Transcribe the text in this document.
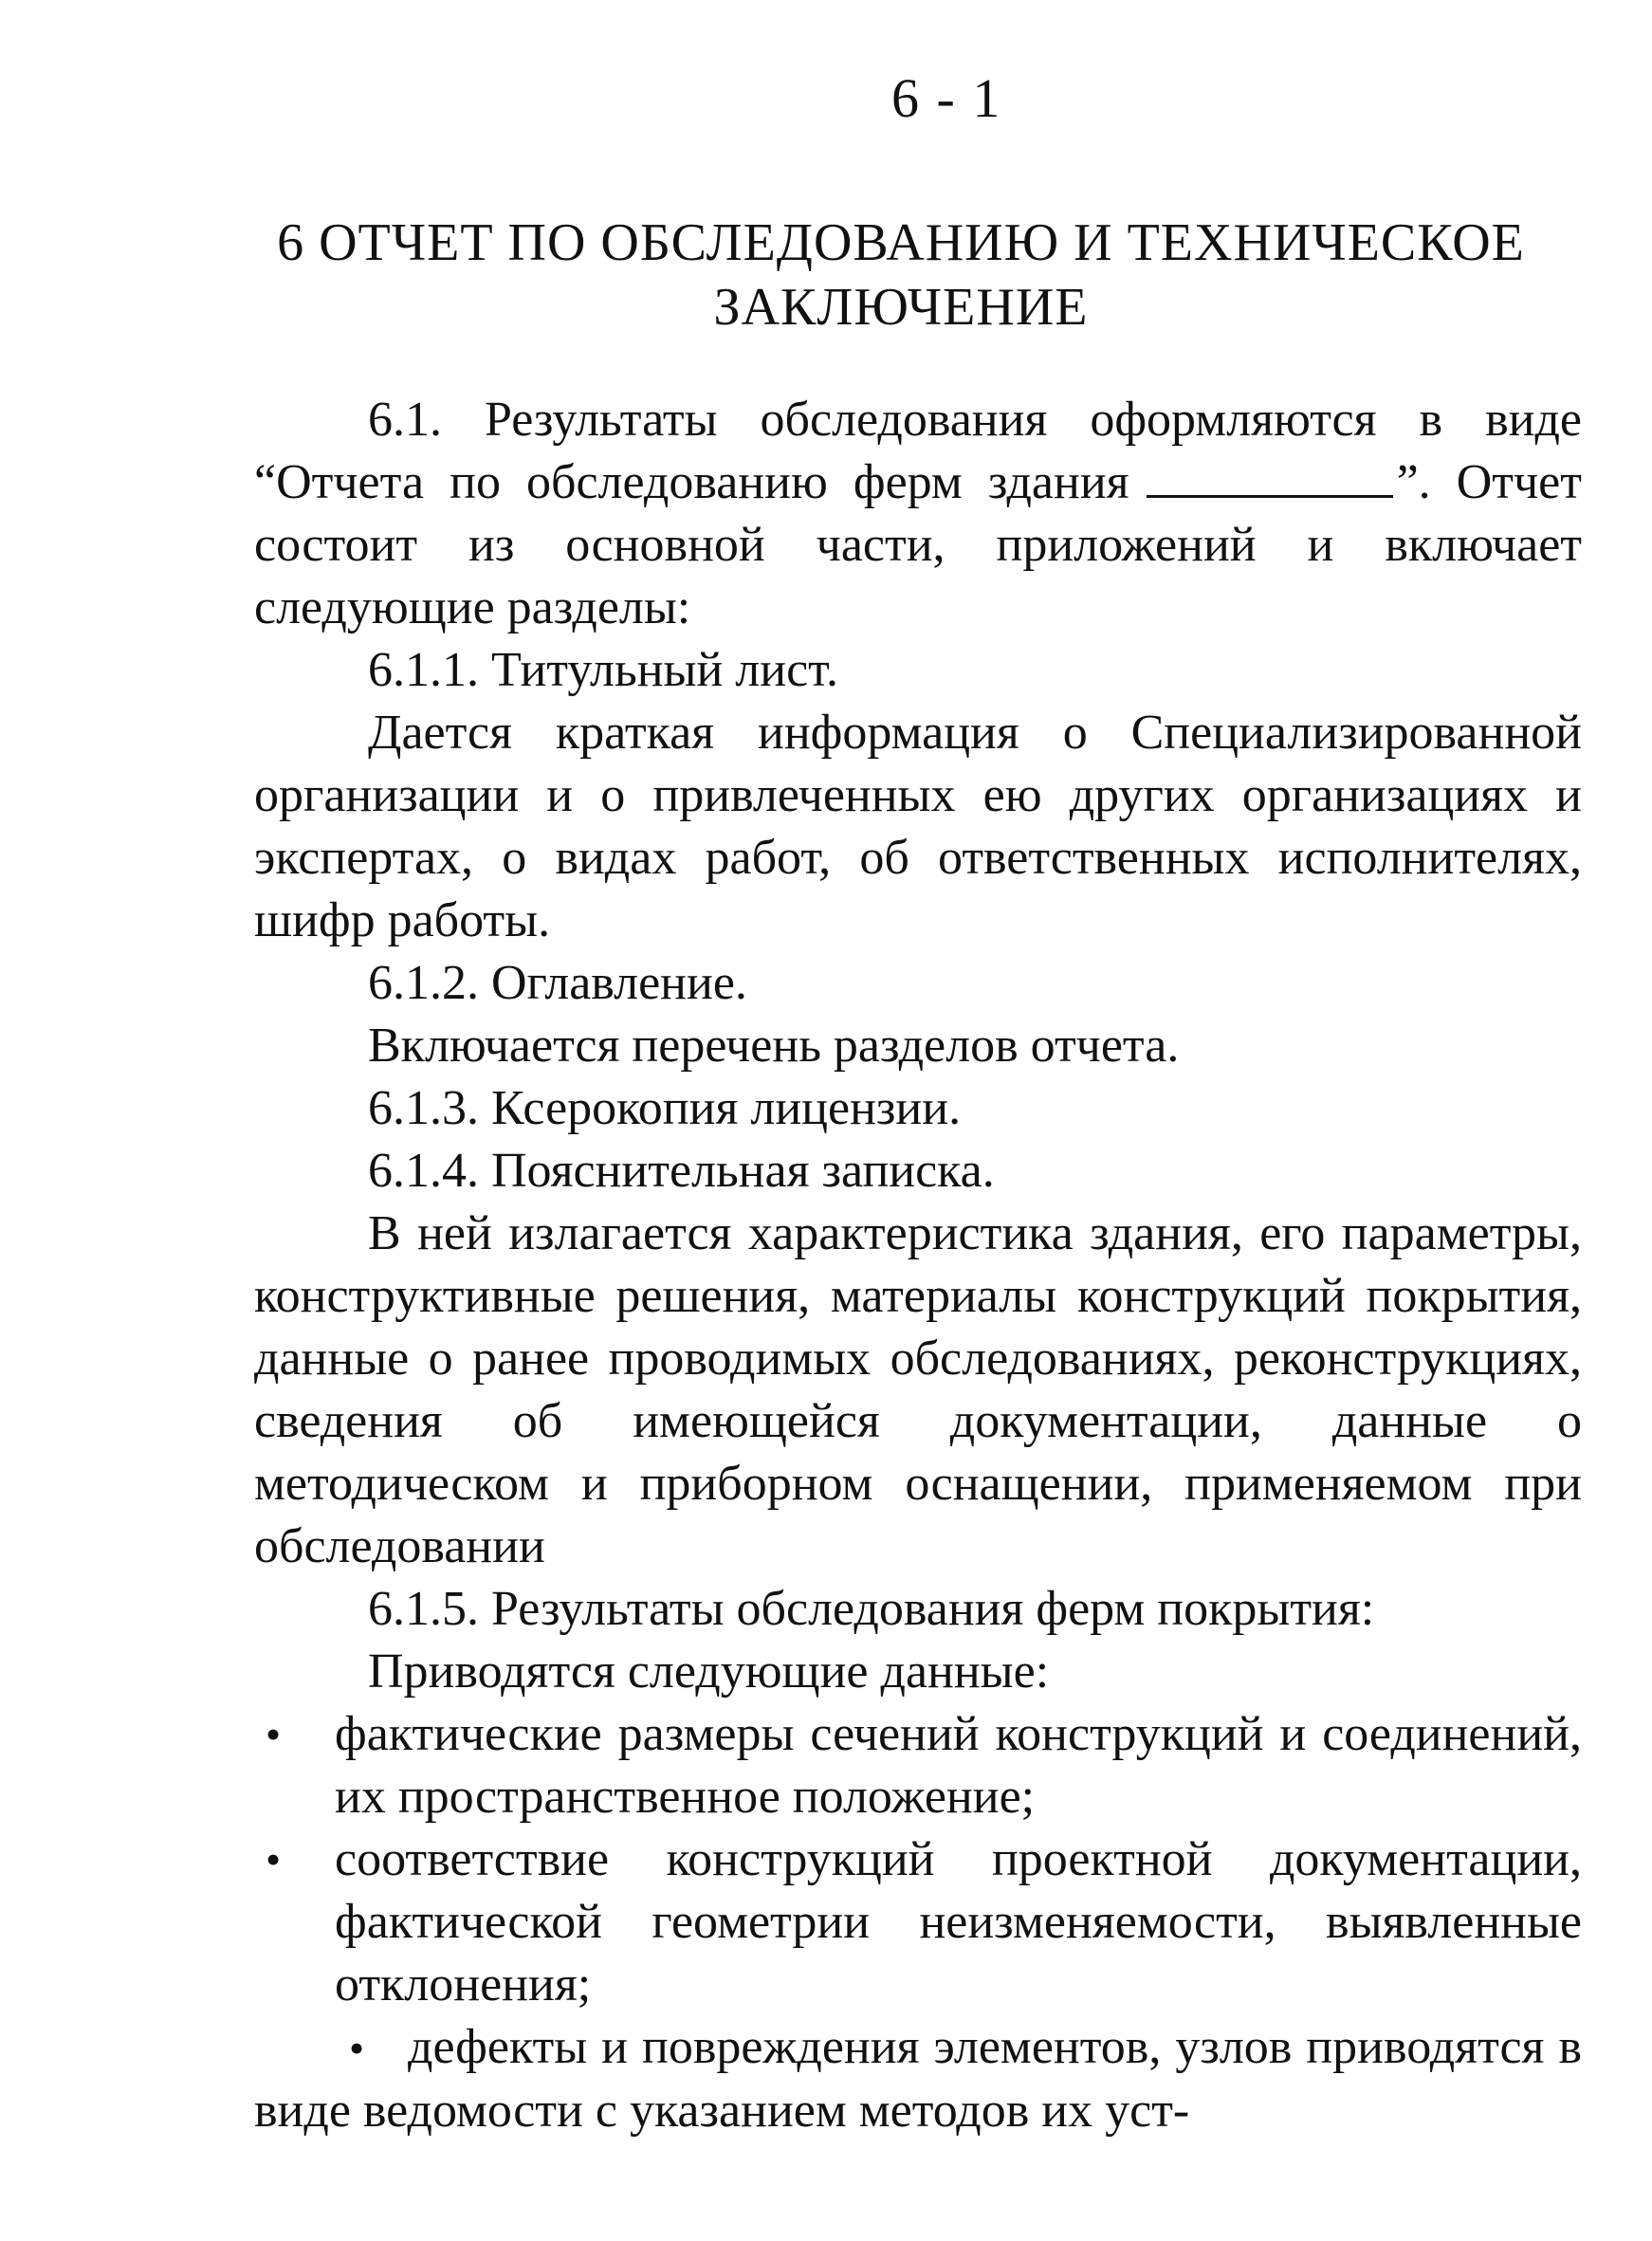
6 - 1
6 ОТЧЕТ ПО ОБСЛЕДОВАНИЮ И ТЕХНИЧЕСКОЕ
ЗАКЛЮЧЕНИЕ

6.1. Результаты обследования оформляются в виде “Отчета по обследованию ферм здания	”. Отчет состоит из основной части, приложений и включает следующие разделы:

6.1.1. Титульный лист.

Дается краткая информация о Специализированной организации и о привлеченных ею других организациях и экспертах, о видах работ, об ответственных исполнителях, шифр работы.

6.1.2. Оглавление.

Включается перечень разделов отчета.

6.1.3. Ксерокопия лицензии.

6.1.4. Пояснительная записка.

В ней излагается характеристика здания, его параметры, конструктивные решения, материалы конструкций покрытия, данные о ранее проводимых обследованиях, реконструкциях, сведения об имеющейся документации, данные о методическом и приборном оснащении, применяемом при обследовании

6.1.5. Результаты обследования ферм покрытия:

Приводятся следующие данные:

• фактические размеры сечений конструкций и соединений, их пространственное положение;
• соответствие конструкций проектной документации, фактической геометрии неизменяемости, выявленные отклонения;
• дефекты и повреждения элементов, узлов приводятся в виде ведомости с указанием методов их уст-
